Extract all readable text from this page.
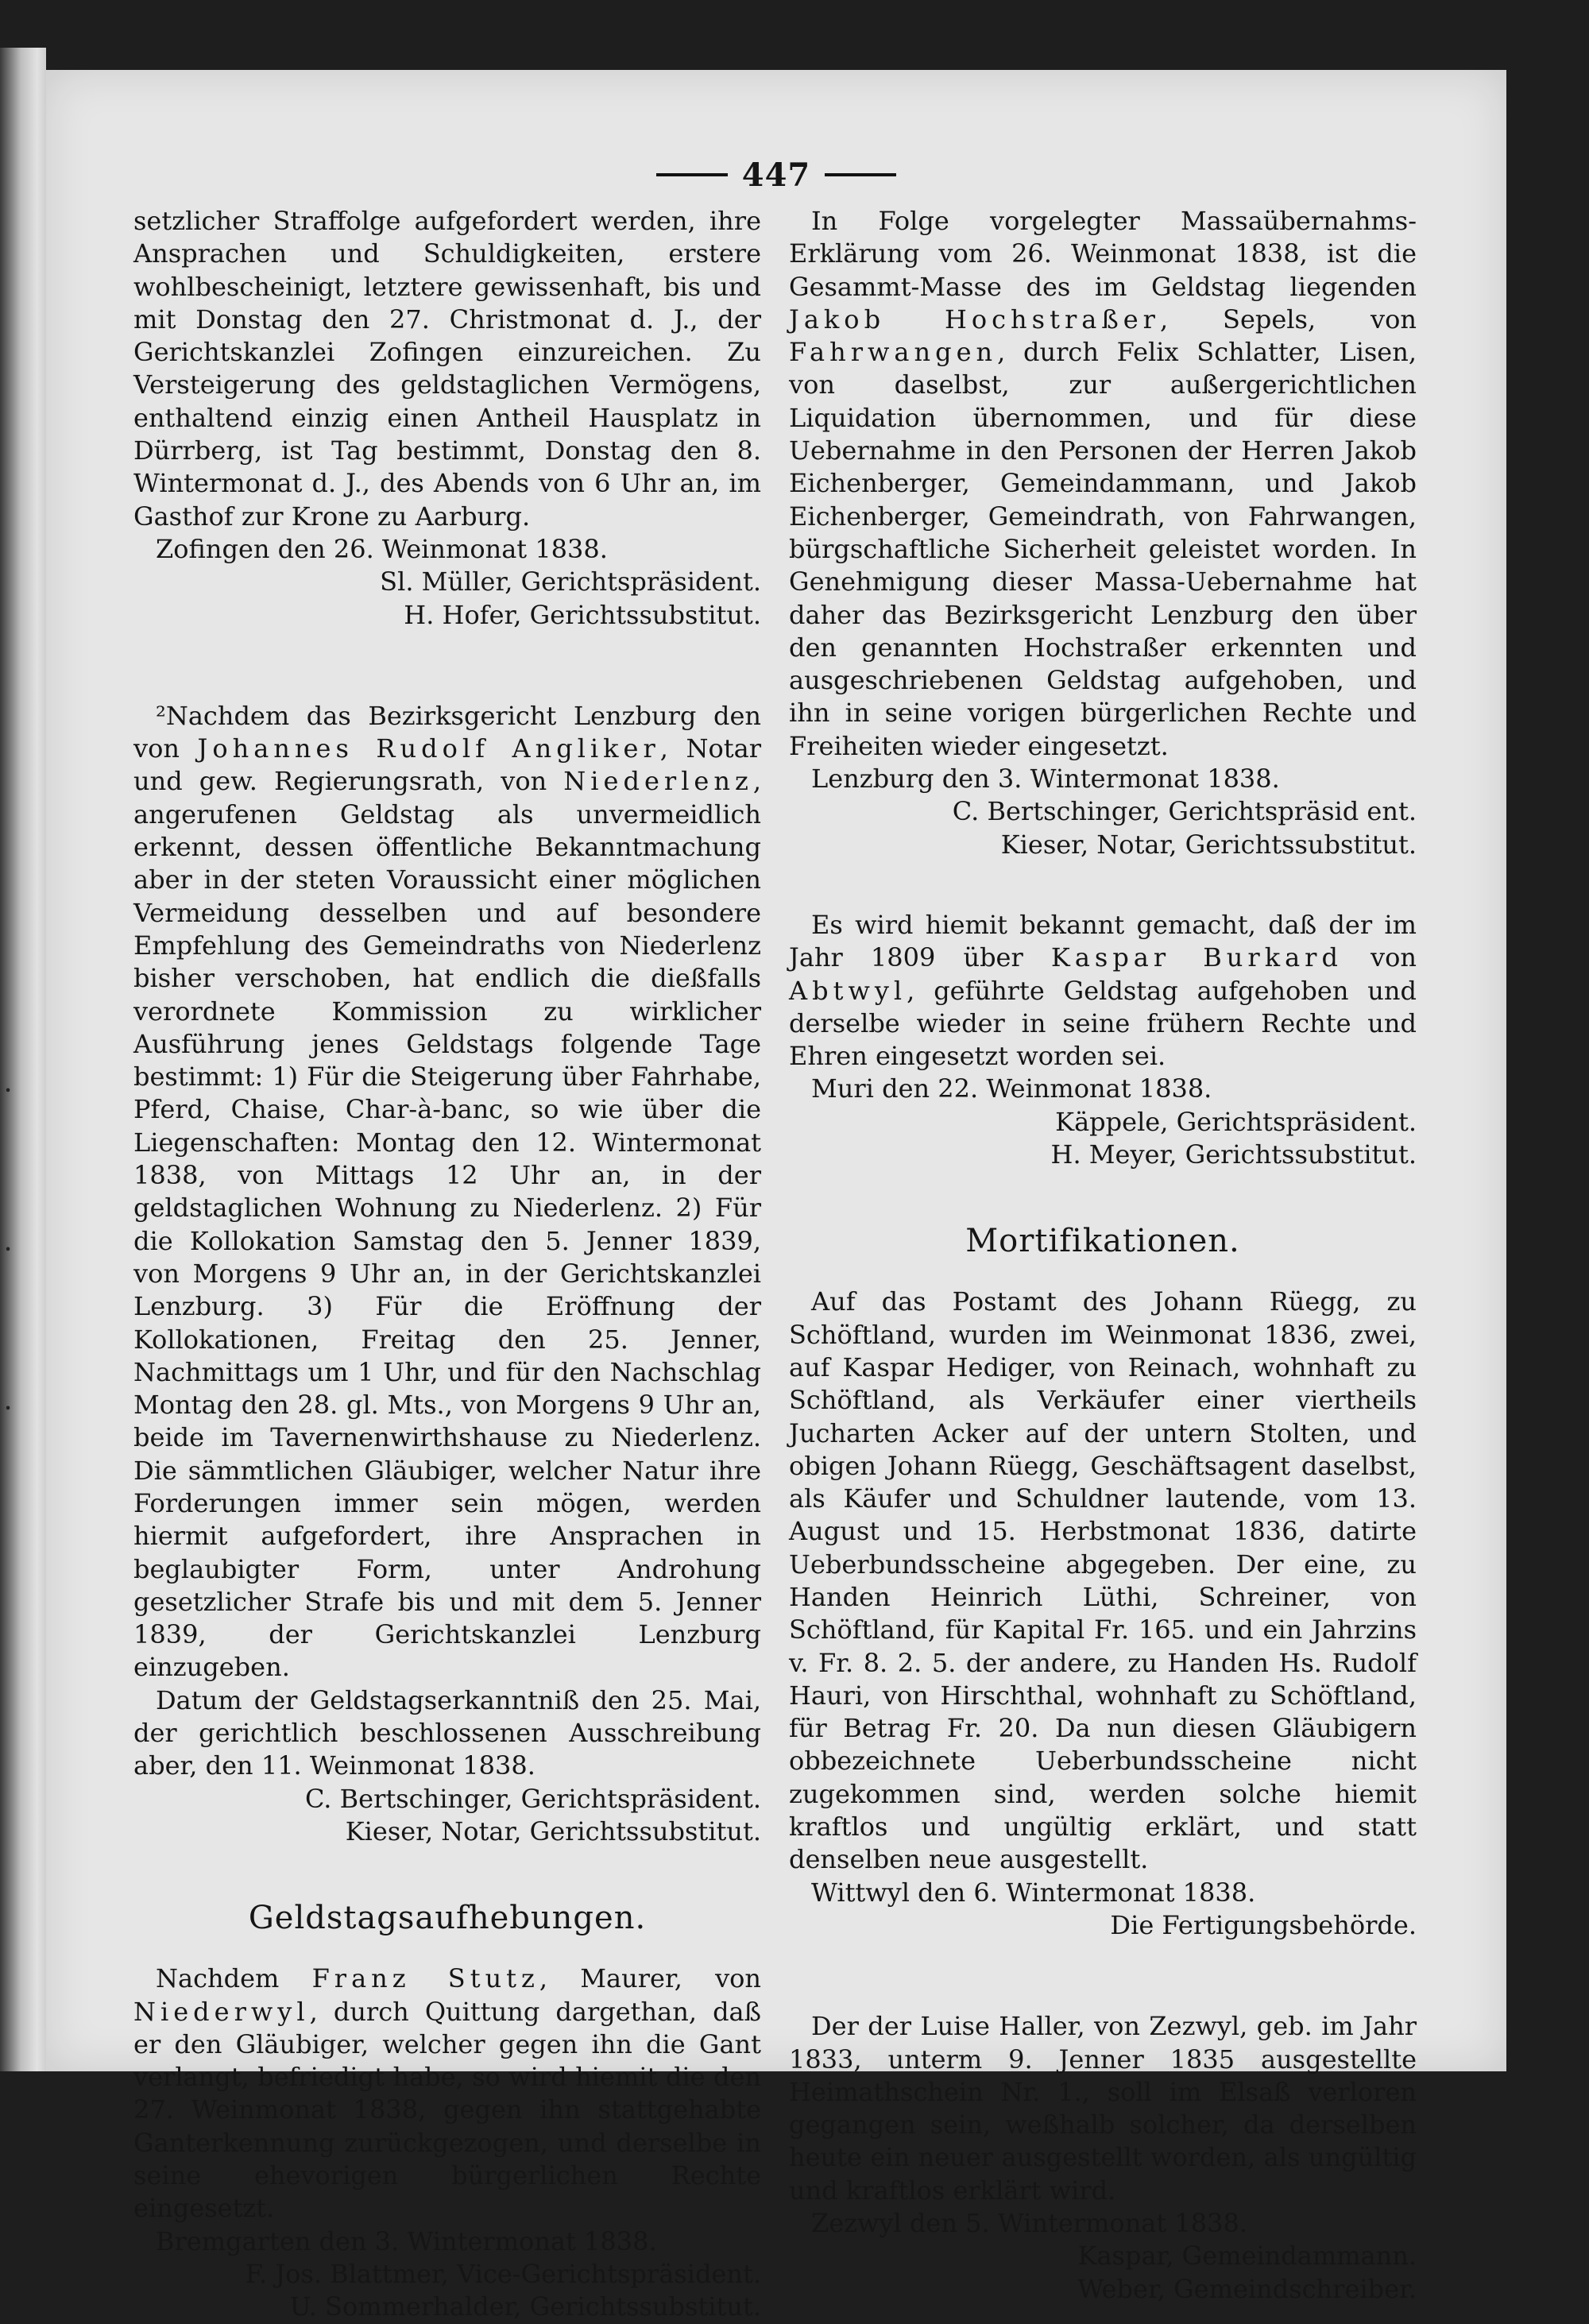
ꞏ
ꞏ
ꞏ
447

setzlicher Straffolge aufgefordert werden, ihre Ansprachen und Schuldigkeiten, erstere wohlbescheinigt, letztere gewissenhaft, bis und mit Donstag den 27. Christmonat d. J., der Gerichtskanzlei Zofingen einzureichen. Zu Versteigerung des geldstaglichen Vermögens, enthaltend einzig einen Antheil Hausplatz in Dürrberg, ist Tag bestimmt, Donstag den 8. Wintermonat d. J., des Abends von 6 Uhr an, im Gasthof zur Krone zu Aarburg.

Zofingen den 26. Weinmonat 1838.

Sl. Müller, Gerichtspräsident.

H. Hofer, Gerichtssubstitut.

²Nachdem das Bezirksgericht Lenzburg den von Johannes Rudolf Angliker, Notar und gew. Regierungsrath, von Niederlenz, angerufenen Geldstag als unvermeidlich erkennt, dessen öffentliche Bekanntmachung aber in der steten Voraussicht einer möglichen Vermeidung desselben und auf besondere Empfehlung des Gemeindraths von Niederlenz bisher verschoben, hat endlich die dießfalls verordnete Kommission zu wirklicher Ausführung jenes Geldstags folgende Tage bestimmt: 1) Für die Steigerung über Fahrhabe, Pferd, Chaise, Char-à-banc, so wie über die Liegenschaften: Montag den 12. Wintermonat 1838, von Mittags 12 Uhr an, in der geldstaglichen Wohnung zu Niederlenz. 2) Für die Kollokation Samstag den 5. Jenner 1839, von Morgens 9 Uhr an, in der Gerichtskanzlei Lenzburg. 3) Für die Eröffnung der Kollokationen, Freitag den 25. Jenner, Nachmittags um 1 Uhr, und für den Nachschlag Montag den 28. gl. Mts., von Morgens 9 Uhr an, beide im Tavernenwirthshause zu Niederlenz. Die sämmtlichen Gläubiger, welcher Natur ihre Forderungen immer sein mögen, werden hiermit aufgefordert, ihre Ansprachen in beglaubigter Form, unter Androhung gesetzlicher Strafe bis und mit dem 5. Jenner 1839, der Gerichtskanzlei Lenzburg einzugeben.

Datum der Geldstagserkanntniß den 25. Mai, der gerichtlich beschlossenen Ausschreibung aber, den 11. Weinmonat 1838.

C. Bertschinger, Gerichtspräsident.

Kieser, Notar, Gerichtssubstitut.

Geldstagsaufhebungen.

Nachdem Franz Stutz, Maurer, von Niederwyl, durch Quittung dargethan, daß er den Gläubiger, welcher gegen ihn die Gant verlangt, befriedigt habe, so wird hiemit die den 27. Weinmonat 1838, gegen ihn stattgehabte Ganterkennung zurückgezogen, und derselbe in seine ehevorigen bürgerlichen Rechte eingesetzt.

Bremgarten den 3. Wintermonat 1838.

F. Jos. Blattmer, Vice-Gerichtspräsident.

U. Sommerhalder, Gerichtssubstitut.

In Folge vorgelegter Massaübernahms-Erklärung vom 26. Weinmonat 1838, ist die Gesammt-Masse des im Geldstag liegenden Jakob Hochstraßer, Sepels, von Fahrwangen, durch Felix Schlatter, Lisen, von daselbst, zur außergerichtlichen Liquidation übernommen, und für diese Uebernahme in den Personen der Herren Jakob Eichenberger, Gemeindammann, und Jakob Eichenberger, Gemeindrath, von Fahrwangen, bürgschaftliche Sicherheit geleistet worden. In Genehmigung dieser Massa-Uebernahme hat daher das Bezirksgericht Lenzburg den über den genannten Hochstraßer erkennten und ausgeschriebenen Geldstag aufgehoben, und ihn in seine vorigen bürgerlichen Rechte und Freiheiten wieder eingesetzt.

Lenzburg den 3. Wintermonat 1838.

C. Bertschinger, Gerichtspräsid ent.

Kieser, Notar, Gerichtssubstitut.

Es wird hiemit bekannt gemacht, daß der im Jahr 1809 über Kaspar Burkard von Abtwyl, geführte Geldstag aufgehoben und derselbe wieder in seine frühern Rechte und Ehren eingesetzt worden sei.

Muri den 22. Weinmonat 1838.

Käppele, Gerichtspräsident.

H. Meyer, Gerichtssubstitut.

Mortifikationen.

Auf das Postamt des Johann Rüegg, zu Schöftland, wurden im Weinmonat 1836, zwei, auf Kaspar Hediger, von Reinach, wohnhaft zu Schöftland, als Verkäufer einer viertheils Jucharten Acker auf der untern Stolten, und obigen Johann Rüegg, Geschäftsagent daselbst, als Käufer und Schuldner lautende, vom 13. August und 15. Herbstmonat 1836, datirte Ueberbundsscheine abgegeben. Der eine, zu Handen Heinrich Lüthi, Schreiner, von Schöftland, für Kapital Fr. 165. und ein Jahrzins v. Fr. 8. 2. 5. der andere, zu Handen Hs. Rudolf Hauri, von Hirschthal, wohnhaft zu Schöftland, für Betrag Fr. 20. Da nun diesen Gläubigern obbezeichnete Ueberbundsscheine nicht zugekommen sind, werden solche hiemit kraftlos und ungültig erklärt, und statt denselben neue ausgestellt.

Wittwyl den 6. Wintermonat 1838.

Die Fertigungsbehörde.

Der der Luise Haller, von Zezwyl, geb. im Jahr 1833, unterm 9. Jenner 1835 ausgestellte Heimathschein Nr. 1., soll im Elsaß verloren gegangen sein, weßhalb solcher, da derselben heute ein neuer ausgestellt worden, als ungültig und kraftlos erklärt wird.

Zezwyl den 5. Wintermonat 1838.

Kaspar, Gemeindammann.

Weber, Gemeindschreiber.
